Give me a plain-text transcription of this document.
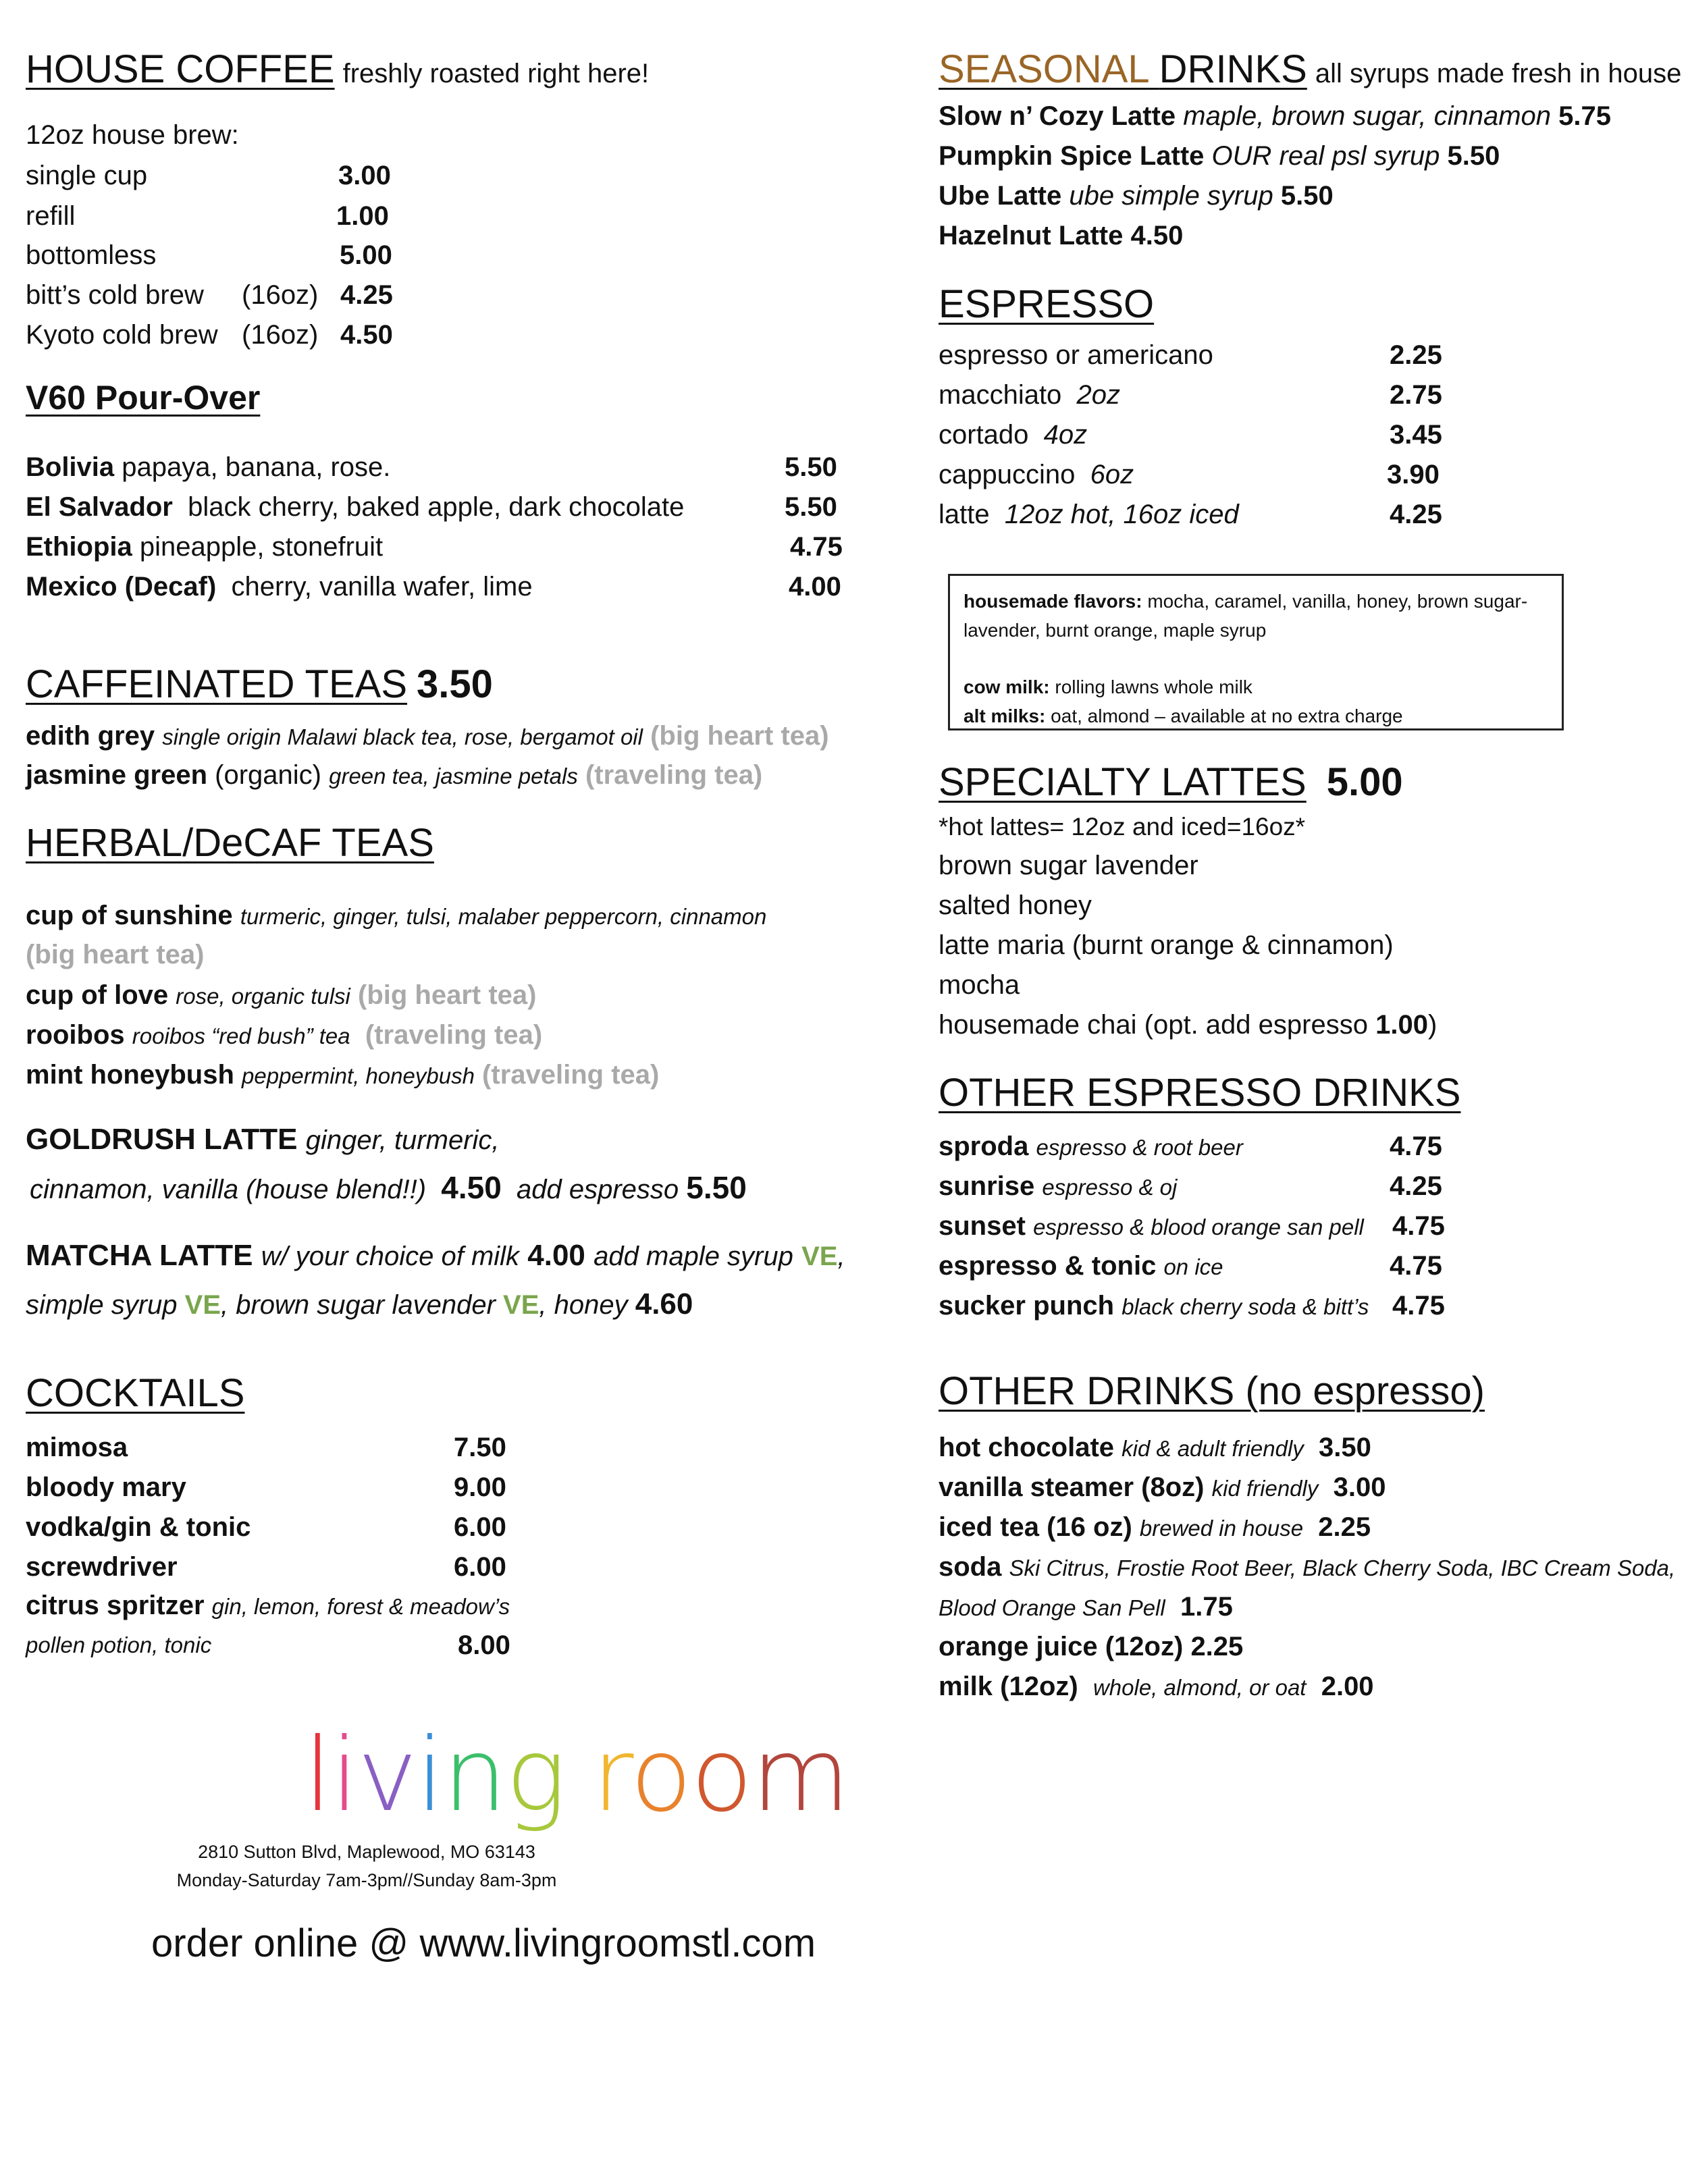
HOUSE COFFEE freshly roasted right here!
12oz house brew:
single cup	3.00
refill	1.00
bottomless	5.00
bitt’s cold brew (16oz) 4.25
Kyoto cold brew (16oz) 4.50
V60 Pour-Over
Bolivia papaya, banana, rose.	5.50
El Salvador black cherry, baked apple, dark chocolate	5.50
Ethiopia pineapple, stonefruit	4.75
Mexico (Decaf) cherry, vanilla wafer, lime	4.00
CAFFEINATED TEAS 3.50
edith grey single origin Malawi black tea, rose, bergamot oil (big heart tea)
jasmine green (organic) green tea, jasmine petals (traveling tea)
HERBAL/DeCAF TEAS
cup of sunshine turmeric, ginger, tulsi, malaber peppercorn, cinnamon
(big heart tea)
cup of love rose, organic tulsi (big heart tea)
rooibos rooibos “red bush” tea (traveling tea)
mint honeybush peppermint, honeybush (traveling tea)
GOLDRUSH LATTE ginger, turmeric,
cinnamon, vanilla (house blend!!) 4.50 add espresso 5.50
MATCHA LATTE w/ your choice of milk 4.00 add maple syrup VE,
simple syrup VE, brown sugar lavender VE, honey 4.60
COCKTAILS
mimosa	7.50
bloody mary	9.00
vodka/gin & tonic	6.00
screwdriver	6.00
citrus spritzer gin, lemon, forest & meadow’s
pollen potion, tonic	8.00
living room
2810 Sutton Blvd, Maplewood, MO 63143
Monday-Saturday 7am-3pm//Sunday 8am-3pm
order online @ www.livingroomstl.com
SEASONAL DRINKS all syrups made fresh in house
Slow n’ Cozy Latte maple, brown sugar, cinnamon 5.75
Pumpkin Spice Latte OUR real psl syrup 5.50
Ube Latte ube simple syrup 5.50
Hazelnut Latte 4.50
ESPRESSO
espresso or americano	2.25
macchiato 2oz	2.75
cortado 4oz	3.45
cappuccino 6oz	3.90
latte 12oz hot, 16oz iced	4.25
housemade flavors: mocha, caramel, vanilla, honey, brown sugar-lavender, burnt orange, maple syrup
cow milk: rolling lawns whole milk
alt milks: oat, almond – available at no extra charge
SPECIALTY LATTES 5.00
*hot lattes= 12oz and iced=16oz*
brown sugar lavender
salted honey
latte maria (burnt orange & cinnamon)
mocha
housemade chai (opt. add espresso 1.00)
OTHER ESPRESSO DRINKS
sproda espresso & root beer	4.75
sunrise espresso & oj	4.25
sunset espresso & blood orange san pell 4.75
espresso & tonic on ice	4.75
sucker punch black cherry soda & bitt’s 4.75
OTHER DRINKS (no espresso)
hot chocolate kid & adult friendly 3.50
vanilla steamer (8oz) kid friendly 3.00
iced tea (16 oz) brewed in house 2.25
soda Ski Citrus, Frostie Root Beer, Black Cherry Soda, IBC Cream Soda,
Blood Orange San Pell 1.75
orange juice (12oz) 2.25
milk (12oz) whole, almond, or oat 2.00
